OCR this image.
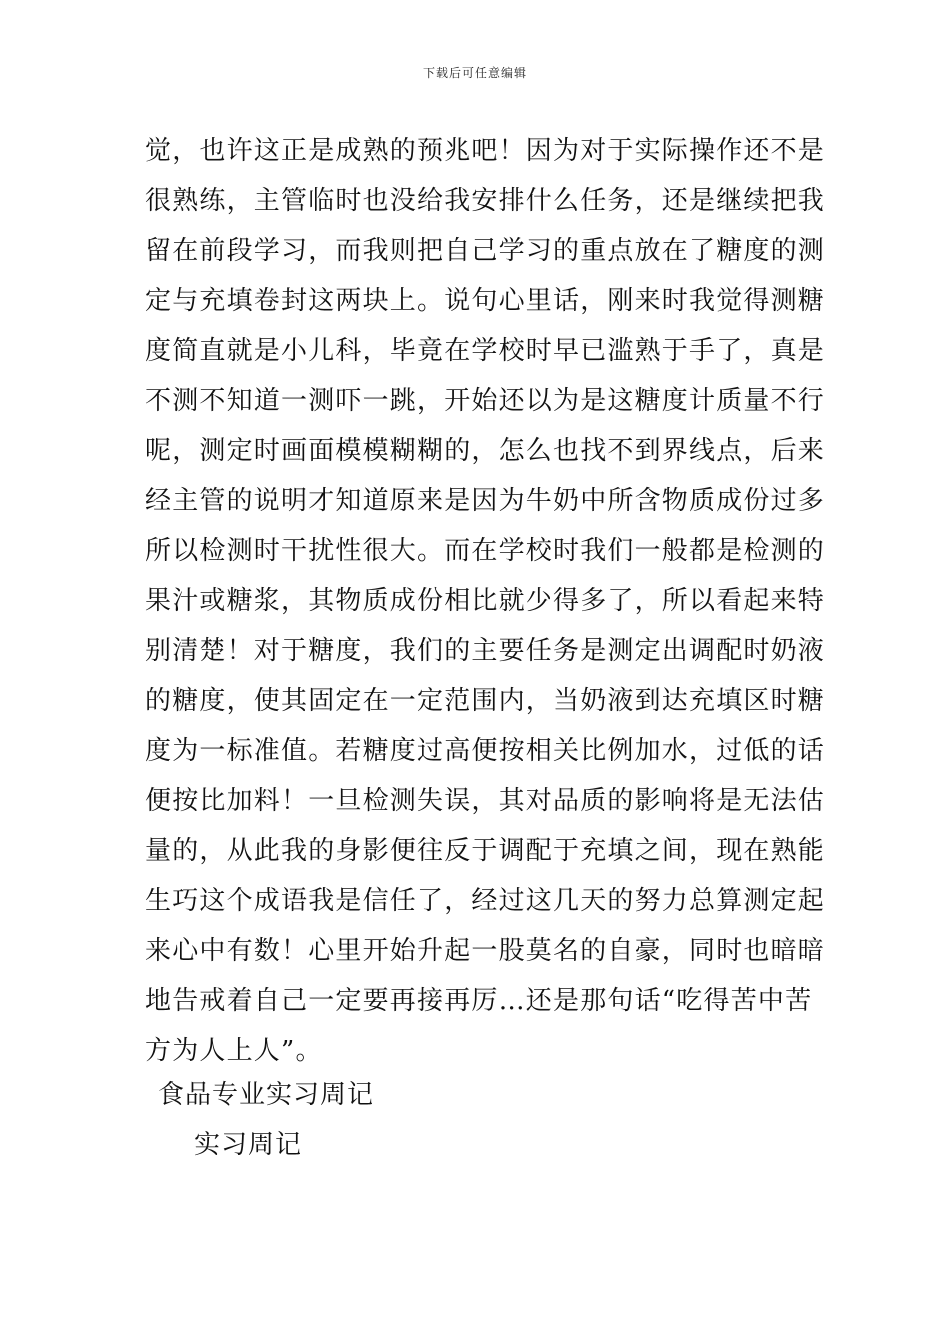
下载后可任意编辑
觉，也许这正是成熟的预兆吧！因为对于实际操作还不是
很熟练，主管临时也没给我安排什么任务，还是继续把我
留在前段学习，而我则把自己学习的重点放在了糖度的测
定与充填卷封这两块上。说句心里话，刚来时我觉得测糖
度简直就是小儿科，毕竟在学校时早已滥熟于手了，真是
不测不知道一测吓一跳，开始还以为是这糖度计质量不行
呢，测定时画面模模糊糊的，怎么也找不到界线点，后来
经主管的说明才知道原来是因为牛奶中所含物质成份过多
所以检测时干扰性很大。而在学校时我们一般都是检测的
果汁或糖浆，其物质成份相比就少得多了，所以看起来特
别清楚！对于糖度，我们的主要任务是测定出调配时奶液
的糖度，使其固定在一定范围内，当奶液到达充填区时糖
度为一标准值。若糖度过高便按相关比例加水，过低的话
便按比加料！一旦检测失误，其对品质的影响将是无法估
量的，从此我的身影便往反于调配于充填之间，现在熟能
生巧这个成语我是信任了，经过这几天的努力总算测定起
来心中有数！心里开始升起一股莫名的自豪，同时也暗暗
地告戒着自己一定要再接再厉…还是那句话“吃得苦中苦
方为人上人”。
食品专业实习周记
实习周记
